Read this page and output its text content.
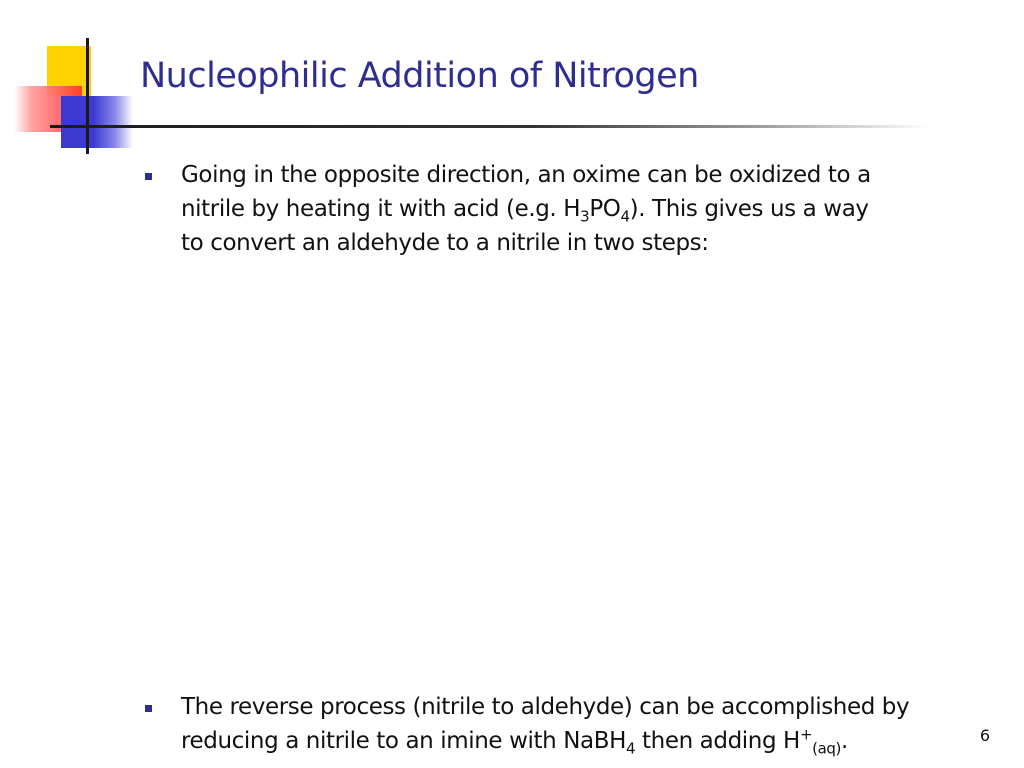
Nucleophilic Addition of Nitrogen
Going in the opposite direction, an oxime can be oxidized to a
nitrile by heating it with acid (e.g. $H_3PO_4$). This gives us a way
to convert an aldehyde to a nitrile in two steps:
The reverse process (nitrile to aldehyde) can be accomplished by
reducing a nitrile to an imine with NaBH$_4$ then adding $H^+_{(aq)}$.	6
